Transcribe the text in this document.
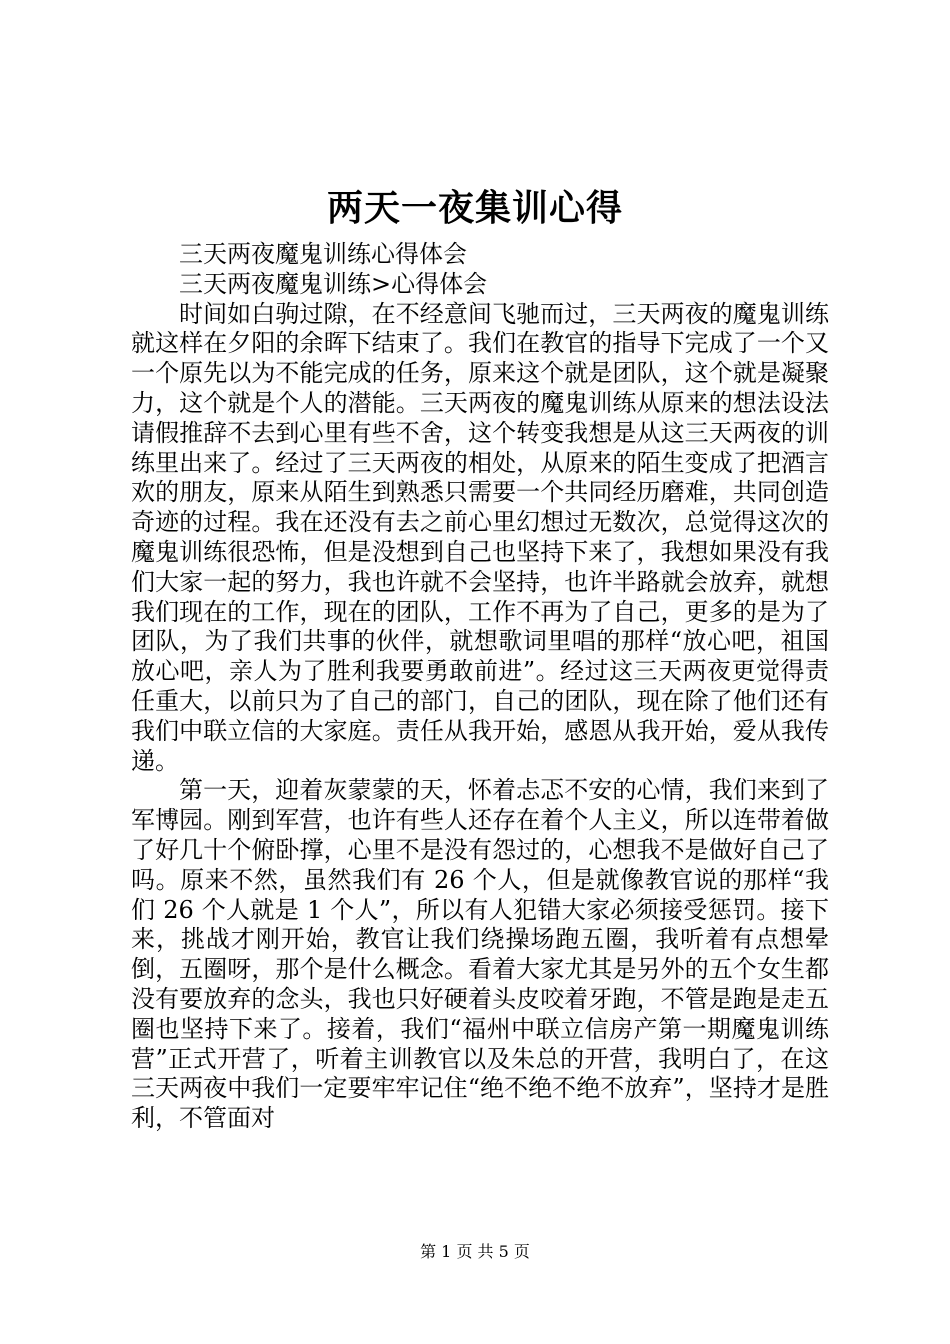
两天一夜集训心得

三天两夜魔鬼训练心得体会

三天两夜魔鬼训练>心得体会

时间如白驹过隙，在不经意间飞驰而过，三天两夜的魔鬼训练就这样在夕阳的余晖下结束了。我们在教官的指导下完成了一个又一个原先以为不能完成的任务，原来这个就是团队，这个就是凝聚力，这个就是个人的潜能。三天两夜的魔鬼训练从原来的想法设法请假推辞不去到心里有些不舍，这个转变我想是从这三天两夜的训练里出来了。经过了三天两夜的相处，从原来的陌生变成了把酒言欢的朋友，原来从陌生到熟悉只需要一个共同经历磨难，共同创造奇迹的过程。我在还没有去之前心里幻想过无数次，总觉得这次的魔鬼训练很恐怖，但是没想到自己也坚持下来了，我想如果没有我们大家一起的努力，我也许就不会坚持，也许半路就会放弃，就想我们现在的工作，现在的团队，工作不再为了自己，更多的是为了团队，为了我们共事的伙伴，就想歌词里唱的那样“放心吧，祖国放心吧，亲人为了胜利我要勇敢前进”。经过这三天两夜更觉得责任重大，以前只为了自己的部门，自己的团队，现在除了他们还有我们中联立信的大家庭。责任从我开始，感恩从我开始，爱从我传递。

第一天，迎着灰蒙蒙的天，怀着忐忑不安的心情，我们来到了军博园。刚到军营，也许有些人还存在着个人主义，所以连带着做了好几十个俯卧撑，心里不是没有怨过的，心想我不是做好自己了吗。原来不然，虽然我们有 26 个人，但是就像教官说的那样“我们 26 个人就是 1 个人”，所以有人犯错大家必须接受惩罚。接下来，挑战才刚开始，教官让我们绕操场跑五圈，我听着有点想晕倒，五圈呀，那个是什么概念。看着大家尤其是另外的五个女生都没有要放弃的念头，我也只好硬着头皮咬着牙跑，不管是跑是走五圈也坚持下来了。接着，我们“福州中联立信房产第一期魔鬼训练营”正式开营了，听着主训教官以及朱总的开营，我明白了，在这三天两夜中我们一定要牢牢记住“绝不绝不绝不放弃”，坚持才是胜利，不管面对

第 1 页 共 5 页
